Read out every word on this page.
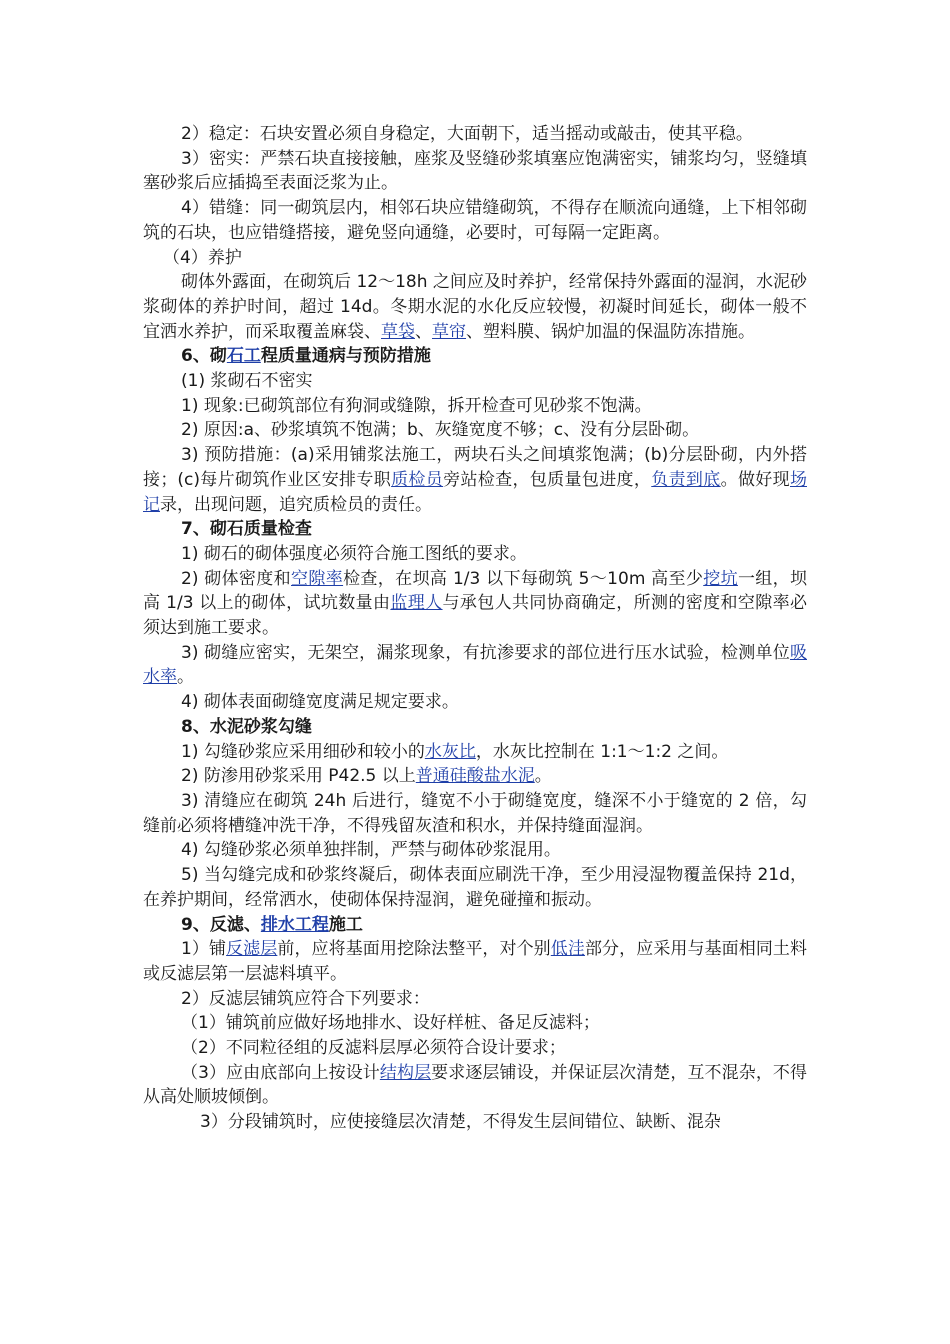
2）稳定：石块安置必须自身稳定，大面朝下，适当摇动或敲击，使其平稳。

3）密实：严禁石块直接接触，座浆及竖缝砂浆填塞应饱满密实，铺浆均匀，竖缝填塞砂浆后应插捣至表面泛浆为止。

4）错缝：同一砌筑层内，相邻石块应错缝砌筑，不得存在顺流向通缝，上下相邻砌筑的石块，也应错缝搭接，避免竖向通缝，必要时，可每隔一定距离。

（4）养护

砌体外露面，在砌筑后 12～18h 之间应及时养护，经常保持外露面的湿润，水泥砂浆砌体的养护时间，超过 14d。冬期水泥的水化反应较慢，初凝时间延长，砌体一般不宜洒水养护，而采取覆盖麻袋、草袋、草帘、塑料膜、锅炉加温的保温防冻措施。

6、砌石工程质量通病与预防措施

(1) 浆砌石不密实

1) 现象:已砌筑部位有狗洞或缝隙，拆开检查可见砂浆不饱满。

2) 原因:a、砂浆填筑不饱满；b、灰缝宽度不够；c、没有分层卧砌。

3) 预防措施：(a)采用铺浆法施工，两块石头之间填浆饱满；(b)分层卧砌，内外搭接；(c)每片砌筑作业区安排专职质检员旁站检查，包质量包进度，负责到底。做好现场记录，出现问题，追究质检员的责任。

7、砌石质量检查

1) 砌石的砌体强度必须符合施工图纸的要求。

2) 砌体密度和空隙率检查，在坝高 1/3 以下每砌筑 5～10m 高至少挖坑一组，坝高 1/3 以上的砌体，试坑数量由监理人与承包人共同协商确定，所测的密度和空隙率必须达到施工要求。

3) 砌缝应密实，无架空，漏浆现象，有抗渗要求的部位进行压水试验，检测单位吸水率。

4) 砌体表面砌缝宽度满足规定要求。

8、水泥砂浆勾缝

1) 勾缝砂浆应采用细砂和较小的水灰比，水灰比控制在 1:1～1:2 之间。

2) 防渗用砂浆采用 P42.5 以上普通硅酸盐水泥。

3) 清缝应在砌筑 24h 后进行，缝宽不小于砌缝宽度，缝深不小于缝宽的 2 倍，勾缝前必须将槽缝冲洗干净，不得残留灰渣和积水，并保持缝面湿润。

4) 勾缝砂浆必须单独拌制，严禁与砌体砂浆混用。

5) 当勾缝完成和砂浆终凝后，砌体表面应刷洗干净，至少用浸湿物覆盖保持 21d，在养护期间，经常洒水，使砌体保持湿润，避免碰撞和振动。

9、反滤、排水工程施工

1）铺反滤层前，应将基面用挖除法整平，对个别低洼部分，应采用与基面相同土料或反滤层第一层滤料填平。

2）反滤层铺筑应符合下列要求：

（1）铺筑前应做好场地排水、设好样桩、备足反滤料；

（2）不同粒径组的反滤料层厚必须符合设计要求；

（3）应由底部向上按设计结构层要求逐层铺设，并保证层次清楚，互不混杂，不得从高处顺坡倾倒。

3）分段铺筑时，应使接缝层次清楚，不得发生层间错位、缺断、混杂
